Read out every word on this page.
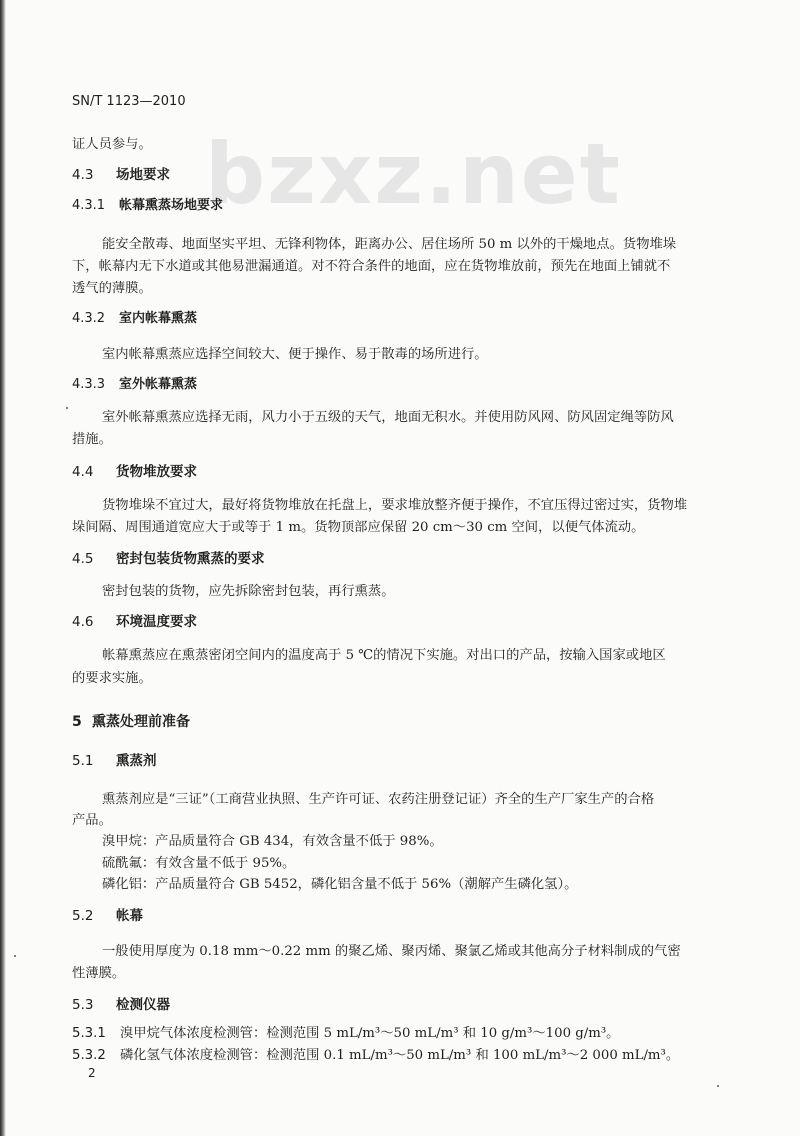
bzxz.net
SN/T 1123—2010
证人员参与。
4.3 场地要求
4.3.1 帐幕熏蒸场地要求
能安全散毒、地面坚实平坦、无锋利物体，距离办公、居住场所 50 m 以外的干燥地点。货物堆垛
下，帐幕内无下水道或其他易泄漏通道。对不符合条件的地面，应在货物堆放前，预先在地面上铺就不
透气的薄膜。
4.3.2 室内帐幕熏蒸
室内帐幕熏蒸应选择空间较大、便于操作、易于散毒的场所进行。
4.3.3 室外帐幕熏蒸
室外帐幕熏蒸应选择无雨，风力小于五级的天气，地面无积水。并使用防风网、防风固定绳等防风
措施。
4.4 货物堆放要求
货物堆垛不宜过大，最好将货物堆放在托盘上，要求堆放整齐便于操作，不宜压得过密过实，货物堆
垛间隔、周围通道宽应大于或等于 1 m。货物顶部应保留 20 cm～30 cm 空间，以便气体流动。
4.5 密封包装货物熏蒸的要求
密封包装的货物，应先拆除密封包装，再行熏蒸。
4.6 环境温度要求
帐幕熏蒸应在熏蒸密闭空间内的温度高于 5 ℃的情况下实施。对出口的产品，按输入国家或地区
的要求实施。
5 熏蒸处理前准备
5.1 熏蒸剂
熏蒸剂应是“三证”（工商营业执照、生产许可证、农药注册登记证）齐全的生产厂家生产的合格
产品。
溴甲烷：产品质量符合 GB 434，有效含量不低于 98%。
硫酰氟：有效含量不低于 95%。
磷化铝：产品质量符合 GB 5452，磷化铝含量不低于 56%（潮解产生磷化氢）。
5.2 帐幕
一般使用厚度为 0.18 mm～0.22 mm 的聚乙烯、聚丙烯、聚氯乙烯或其他高分子材料制成的气密
性薄膜。
5.3 检测仪器
5.3.1 溴甲烷气体浓度检测管：检测范围 5 mL/m³～50 mL/m³ 和 10 g/m³～100 g/m³。
5.3.2 磷化氢气体浓度检测管：检测范围 0.1 mL/m³～50 mL/m³ 和 100 mL/m³～2 000 mL/m³。
2
